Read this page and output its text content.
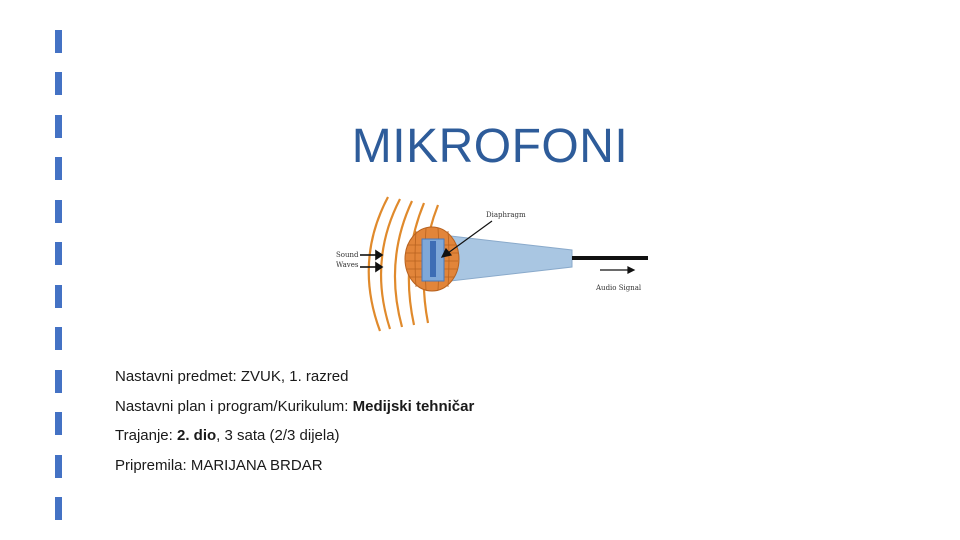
MIKROFONI
Diaphragm
Sound
Waves
Audio Signal
Nastavni predmet: ZVUK, 1. razred
Nastavni plan i program/Kurikulum: Medijski tehničar
Trajanje: 2. dio, 3 sata (2/3 dijela)
Pripremila: MARIJANA BRDAR
